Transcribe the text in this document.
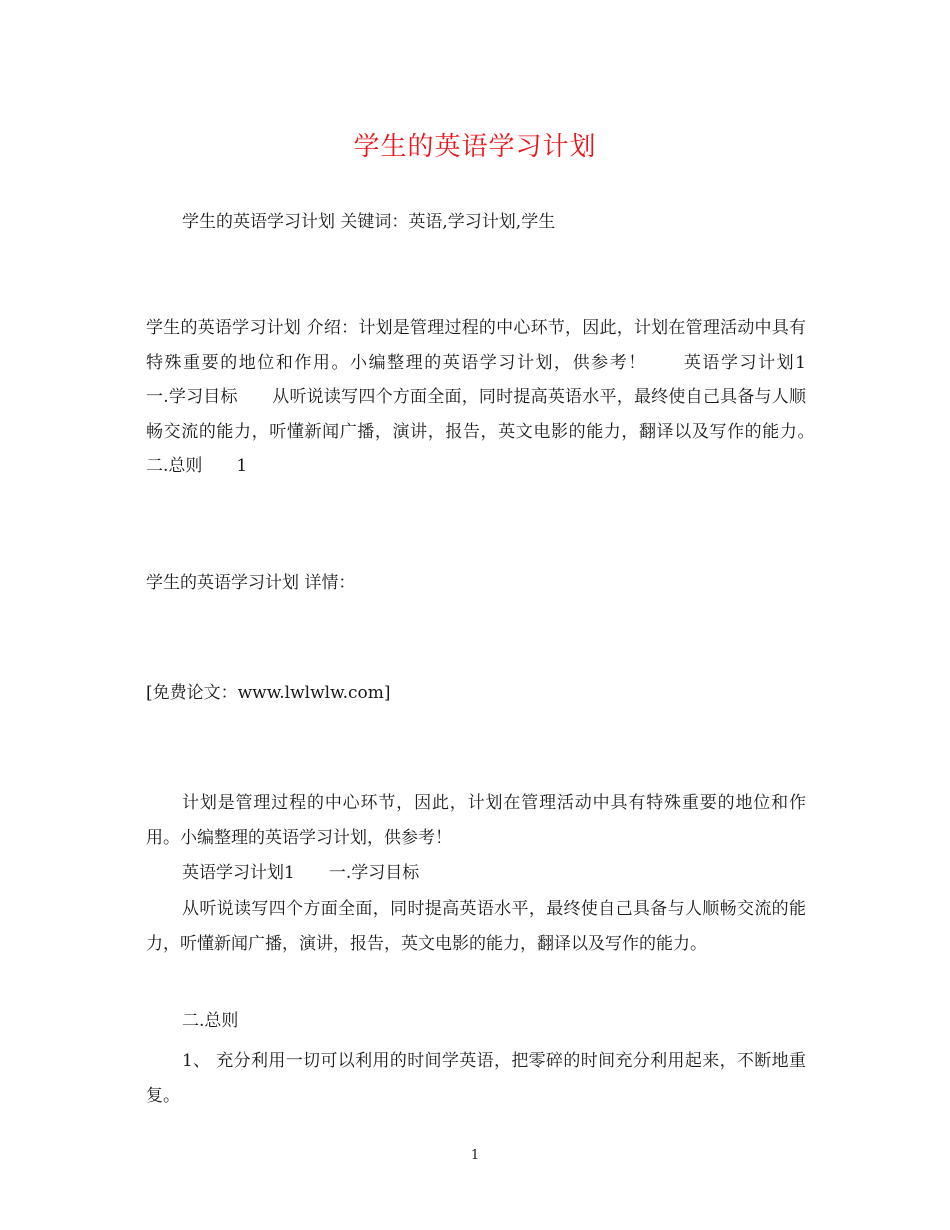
学生的英语学习计划

学生的英语学习计划 关键词：英语,学习计划,学生

学生的英语学习计划 介绍：计划是管理过程的中心环节，因此，计划在管理活动中具有特殊重要的地位和作用。小编整理的英语学习计划，供参考！　　英语学习计划1　　一.学习目标　　从听说读写四个方面全面，同时提高英语水平，最终使自己具备与人顺畅交流的能力，听懂新闻广播，演讲，报告，英文电影的能力，翻译以及写作的能力。　　二.总则　　1

学生的英语学习计划 详情：

[免费论文：www.lwlwlw.com]

计划是管理过程的中心环节，因此，计划在管理活动中具有特殊重要的地位和作用。小编整理的英语学习计划，供参考！

英语学习计划1 一.学习目标

从听说读写四个方面全面，同时提高英语水平，最终使自己具备与人顺畅交流的能力，听懂新闻广播，演讲，报告，英文电影的能力，翻译以及写作的能力。

二.总则

1、 充分利用一切可以利用的时间学英语，把零碎的时间充分利用起来，不断地重复。

1
